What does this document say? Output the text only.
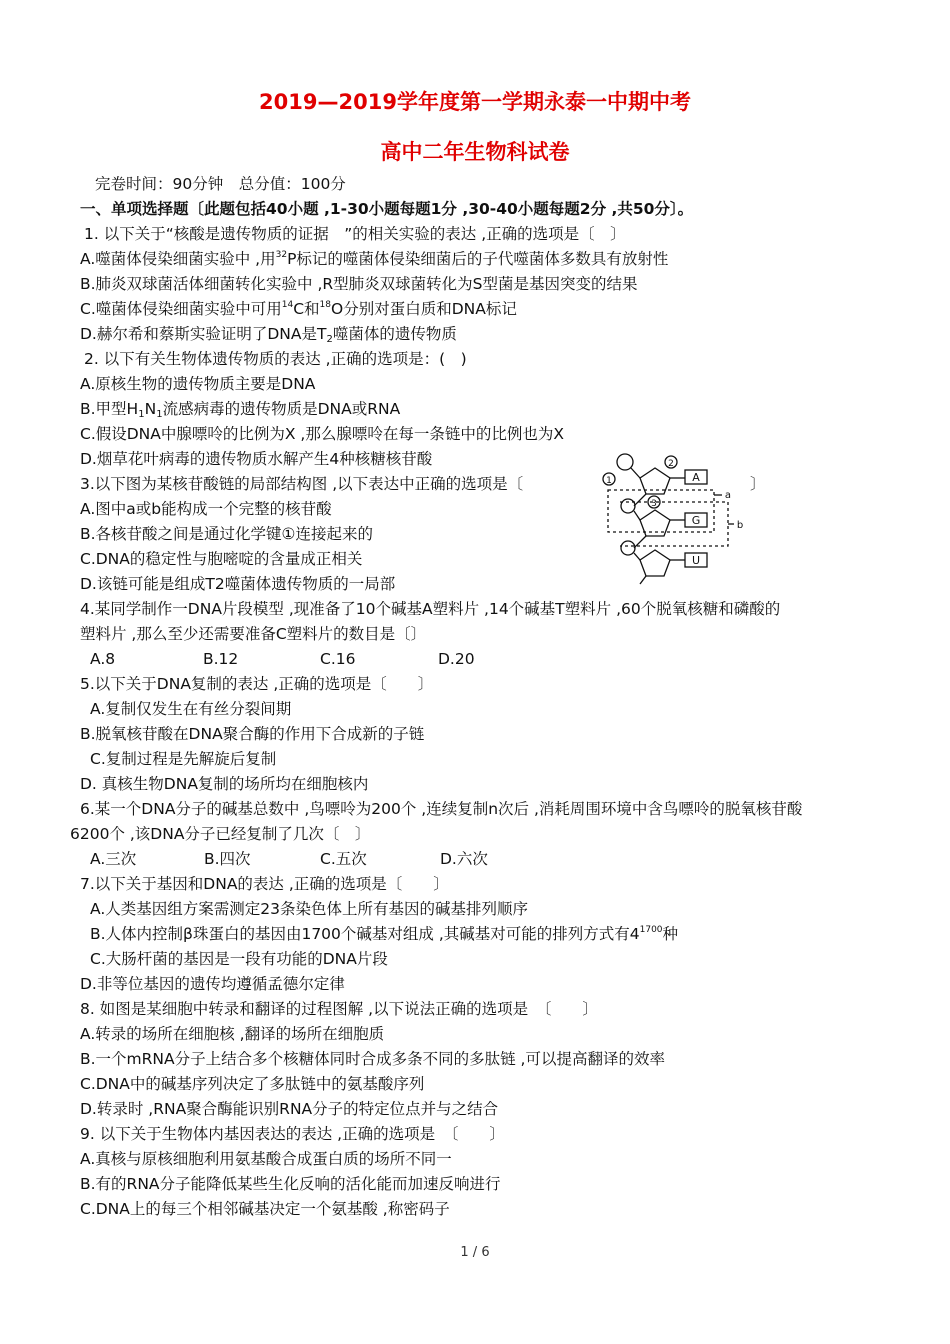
2019—2019学年度第一学期永泰一中期中考
高中二年生物科试卷
完卷时间：90分钟　总分值：100分
一、单项选择题〔此题包括40小题 ,1-30小题每题1分 ,30-40小题每题2分 ,共50分〕。
1. 以下关于“核酸是遗传物质的证据　”的相关实验的表达 ,正确的选项是〔　〕
A.噬菌体侵染细菌实验中 ,用$^{32}$P标记的噬菌体侵染细菌后的子代噬菌体多数具有放射性
B.肺炎双球菌活体细菌转化实验中 ,R型肺炎双球菌转化为S型菌是基因突变的结果
C.噬菌体侵染细菌实验中可用$^{14}$C和$^{18}$O分别对蛋白质和DNA标记
D.赫尔希和蔡斯实验证明了DNA是$T_2$噬菌体的遗传物质
2. 以下有关生物体遗传物质的表达 ,正确的选项是：(　)
A.原核生物的遗传物质主要是DNA
B.甲型$H_1N_1$流感病毒的遗传物质是DNA或RNA
C.假设DNA中腺嘌呤的比例为X ,那么腺嘌呤在每一条链中的比例也为X
D.烟草花叶病毒的遗传物质水解产生4种核糖核苷酸
3.以下图为某核苷酸链的局部结构图 ,以下表达中正确的选项是〔	〕
A.图中a或b能构成一个完整的核苷酸
B.各核苷酸之间是通过化学键①连接起来的
C.DNA的稳定性与胞嘧啶的含量成正相关
D.该链可能是组成T2噬菌体遗传物质的一局部
1
2
3
A
G
U
a
b
4.某同学制作一DNA片段模型 ,现准备了10个碱基A塑料片 ,14个碱基T塑料片 ,60个脱氧核糖和磷酸的
塑料片 ,那么至少还需要准备C塑料片的数目是〔〕
A.8	B.12	C.16	D.20
5.以下关于DNA复制的表达 ,正确的选项是〔　　〕
A.复制仅发生在有丝分裂间期
B.脱氧核苷酸在DNA聚合酶的作用下合成新的子链
C.复制过程是先解旋后复制
D. 真核生物DNA复制的场所均在细胞核内
6.某一个DNA分子的碱基总数中 ,鸟嘌呤为200个 ,连续复制n次后 ,消耗周围环境中含鸟嘌呤的脱氧核苷酸
6200个 ,该DNA分子已经复制了几次〔　〕
A.三次	B.四次	C.五次	D.六次
7.以下关于基因和DNA的表达 ,正确的选项是〔　　〕
A.人类基因组方案需测定23条染色体上所有基因的碱基排列顺序
B.人体内控制β珠蛋白的基因由1700个碱基对组成 ,其碱基对可能的排列方式有$4^{1700}$种
C.大肠杆菌的基因是一段有功能的DNA片段
D.非等位基因的遗传均遵循孟德尔定律
8. 如图是某细胞中转录和翻译的过程图解 ,以下说法正确的选项是　〔　　〕
A.转录的场所在细胞核 ,翻译的场所在细胞质
B.一个mRNA分子上结合多个核糖体同时合成多条不同的多肽链 ,可以提高翻译的效率
C.DNA中的碱基序列决定了多肽链中的氨基酸序列
D.转录时 ,RNA聚合酶能识别RNA分子的特定位点并与之结合
9. 以下关于生物体内基因表达的表达 ,正确的选项是　〔　　〕
A.真核与原核细胞利用氨基酸合成蛋白质的场所不同一
B.有的RNA分子能降低某些生化反响的活化能而加速反响进行
C.DNA上的每三个相邻碱基决定一个氨基酸 ,称密码子
1 / 6
